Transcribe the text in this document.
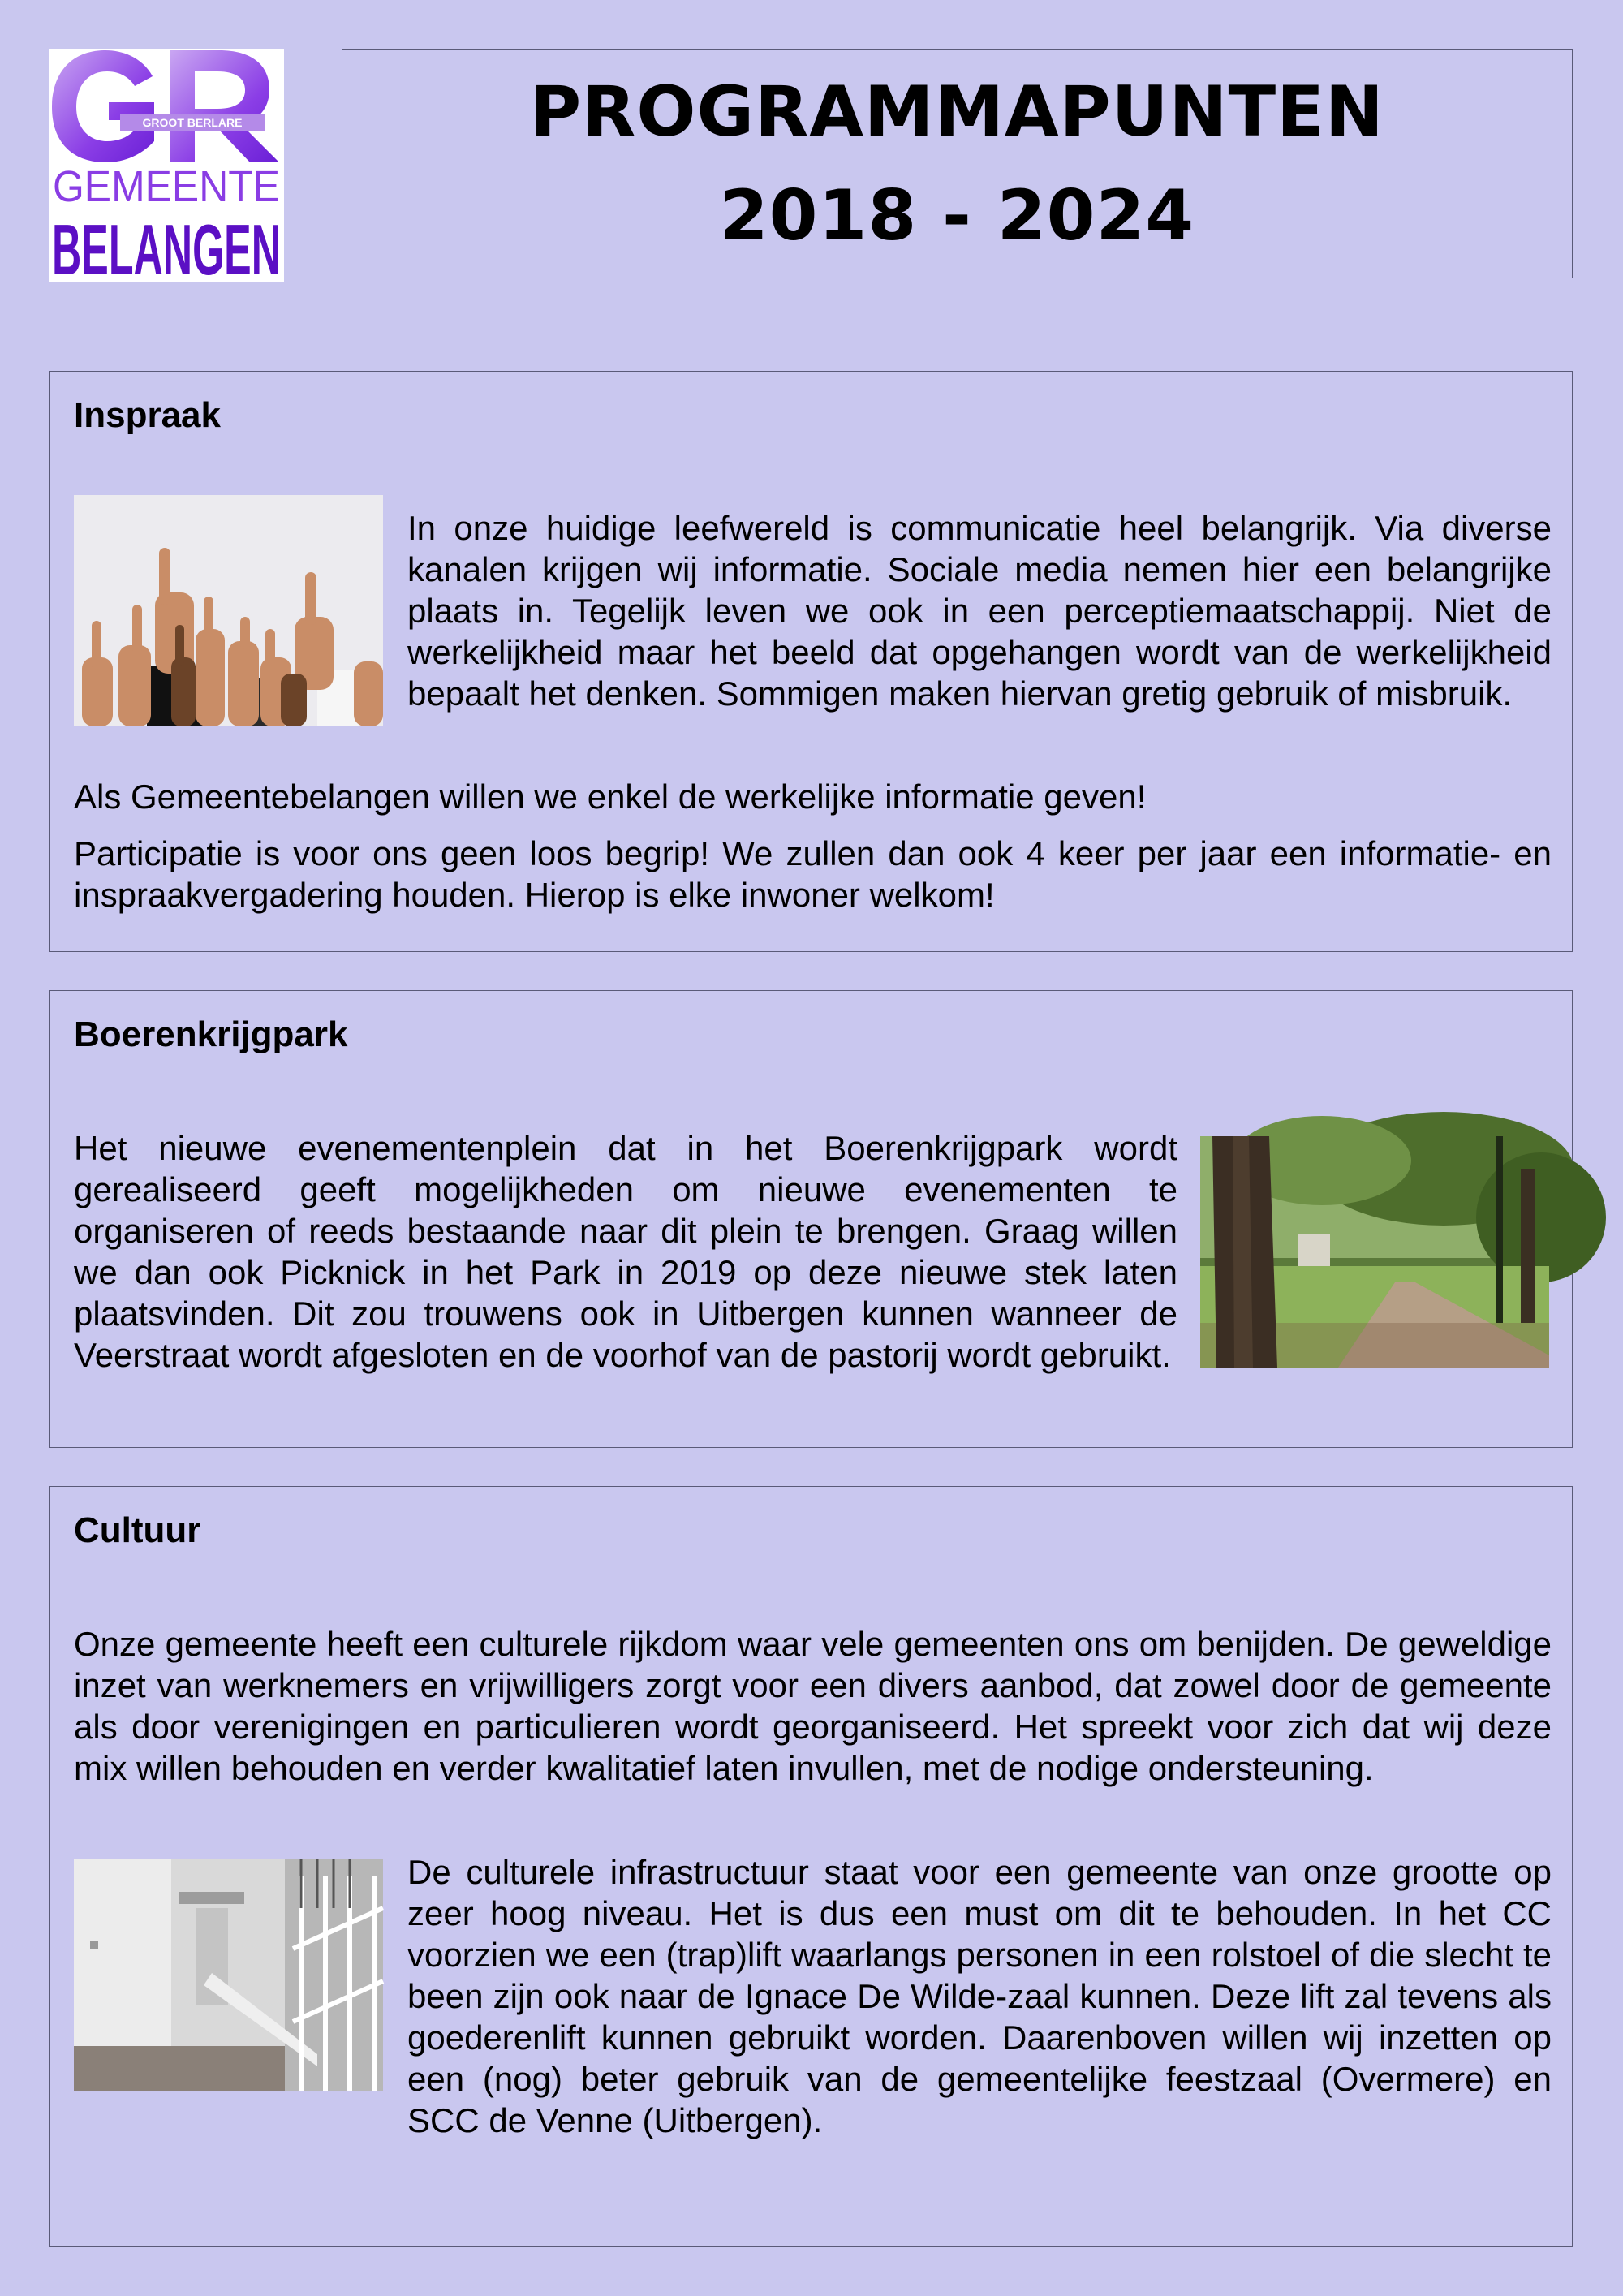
GROOT BERLARE
GEMEENTE
BELANGEN
PROGRAMMAPUNTEN
2018 - 2024
Inspraak
In onze huidige leefwereld is communicatie heel belangrijk. Via diverse kanalen krijgen wij informatie. Sociale media nemen hier een belangrijke plaats in. Tegelijk leven we ook in een perceptiemaatschappij. Niet de werkelijkheid maar het beeld dat opgehangen wordt van de werkelijkheid bepaalt het denken. Sommigen maken hiervan gretig gebruik of misbruik.
Als Gemeentebelangen willen we enkel de werkelijke informatie geven!
Participatie is voor ons geen loos begrip! We zullen dan ook 4 keer per jaar een informatie- en inspraakvergadering houden. Hierop is elke inwoner welkom!
Boerenkrijgpark
Het nieuwe evenementenplein dat in het Boerenkrijgpark wordt gerealiseerd geeft mogelijkheden om nieuwe evenementen te organiseren of reeds bestaande naar dit plein te brengen. Graag willen we dan ook Picknick in het Park in 2019 op deze nieuwe stek laten plaatsvinden. Dit zou trouwens ook in Uitbergen kunnen wanneer de Veerstraat wordt afgesloten en de voorhof van de pastorij wordt gebruikt.
Cultuur
Onze gemeente heeft een culturele rijkdom waar vele gemeenten ons om benijden. De geweldige inzet van werknemers en vrijwilligers zorgt voor een divers aanbod, dat zowel door de gemeente als door verenigingen en particulieren wordt georganiseerd. Het spreekt voor zich dat wij deze mix willen behouden en verder kwalitatief laten invullen, met de nodige ondersteuning.
De culturele infrastructuur staat voor een gemeente van onze grootte op zeer hoog niveau. Het is dus een must om dit te behouden. In het CC voorzien we een (trap)lift waarlangs personen in een rolstoel of die slecht te been zijn ook naar de Ignace De Wilde-zaal kunnen. Deze lift zal tevens als goederenlift kunnen gebruikt worden. Daarenboven willen wij inzetten op een (nog) beter gebruik van de gemeentelijke feestzaal (Overmere) en SCC de Venne (Uitbergen).
